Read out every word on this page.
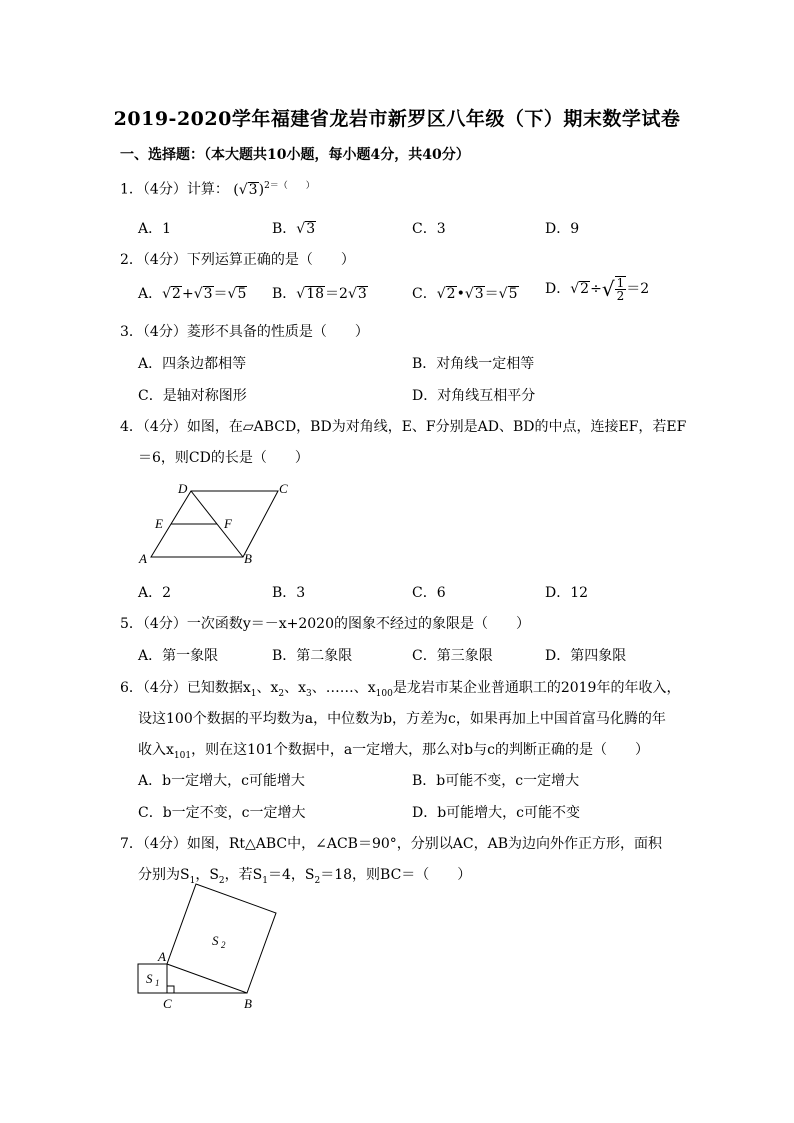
2019-2020学年福建省龙岩市新罗区八年级（下）期末数学试卷
一、选择题：（本大题共10小题，每小题4分，共40分）
1．（4分）计算： $(√3)^{2=( )}$
A．1	B．√3	C．3	D．9
2．（4分）下列运算正确的是（　　）
A．√2+√3＝√5 B．√18＝2√3	C．√2•√3＝√5 D．$√2\div√ \frac{1}{2} =2$
3．（4分）菱形不具备的性质是（　　）
A．四条边都相等	B．对角线一定相等
C．是轴对称图形	D．对角线互相平分
4．（4分）如图，在▱ABCD，BD为对角线，E、F分别是AD、BD的中点，连接EF，若EF
＝6，则CD的长是（　　）
D	C
E	F
A	B
A．2	B．3	C．6	D．12
5．（4分）一次函数y＝－x+2020的图象不经过的象限是（　　）
A．第一象限	B．第二象限	C．第三象限	D．第四象限
6．（4分）已知数据$x_1$、$x_2$、$x_3$、……、$x_{100}$是龙岩市某企业普通职工的2019年的年收入，
设这100个数据的平均数为a，中位数为b，方差为c，如果再加上中国首富马化腾的年
收入$x_{101}$，则在这101个数据中，a一定增大，那么对b与c的判断正确的是（　　）
A．b一定增大，c可能增大	B．b可能不变，c一定增大
C．b一定不变，c一定增大	D．b可能增大，c可能不变
7．（4分）如图，Rt△ABC中，∠ACB＝90°，分别以AC，AB为边向外作正方形，面积
分别为$S_1$，$S_2$，若$S_1=4$，$S_2=18$，则BC＝（　　）
A
C	B
S 1
S 2
